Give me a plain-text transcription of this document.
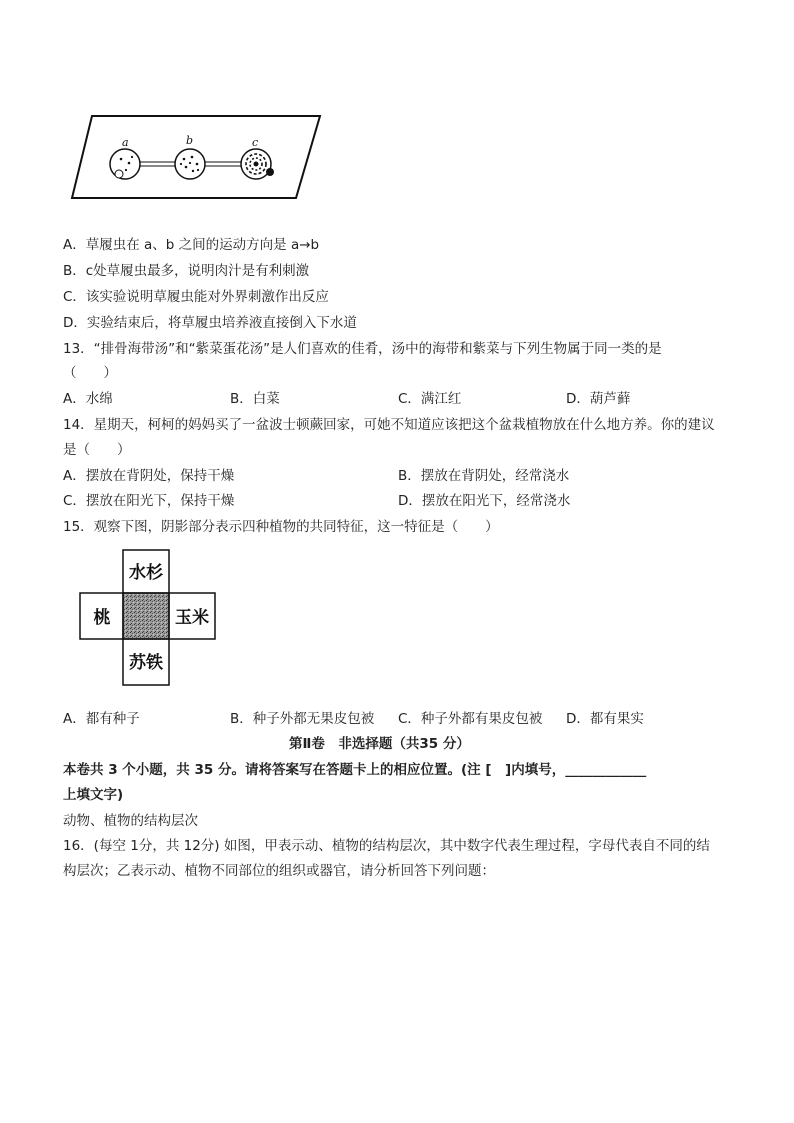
a	b	c
A．草履虫在 a、b 之间的运动方向是 a→b
B．c处草履虫最多，说明肉汁是有利刺激
C．该实验说明草履虫能对外界刺激作出反应
D．实验结束后，将草履虫培养液直接倒入下水道
13．“排骨海带汤”和“紫菜蛋花汤”是人们喜欢的佳肴，汤中的海带和紫菜与下列生物属于同一类的是
（　　）
A．水绵	B．白菜	C．满江红	D．葫芦藓
14．星期天，柯柯的妈妈买了一盆波士顿蕨回家，可她不知道应该把这个盆栽植物放在什么地方养。你的建议
是（　　）
A．摆放在背阴处，保持干燥	B．摆放在背阴处，经常浇水
C．摆放在阳光下，保持干燥	D．摆放在阳光下，经常浇水
15．观察下图，阴影部分表示四种植物的共同特征，这一特征是（　　）
水杉
桃	玉米
苏铁
A．都有种子	B．种子外都无果皮包被 C．种子外都有果皮包被 D．都有果实
第Ⅱ卷　非选择题（共35 分）
本卷共 3 个小题，共 35 分。请将答案写在答题卡上的相应位置。(注 [　]内填号，____________
上填文字)
动物、植物的结构层次
16．(每空 1分，共 12分) 如图，甲表示动、植物的结构层次，其中数字代表生理过程，字母代表自不同的结
构层次；乙表示动、植物不同部位的组织或器官，请分析回答下列问题：
